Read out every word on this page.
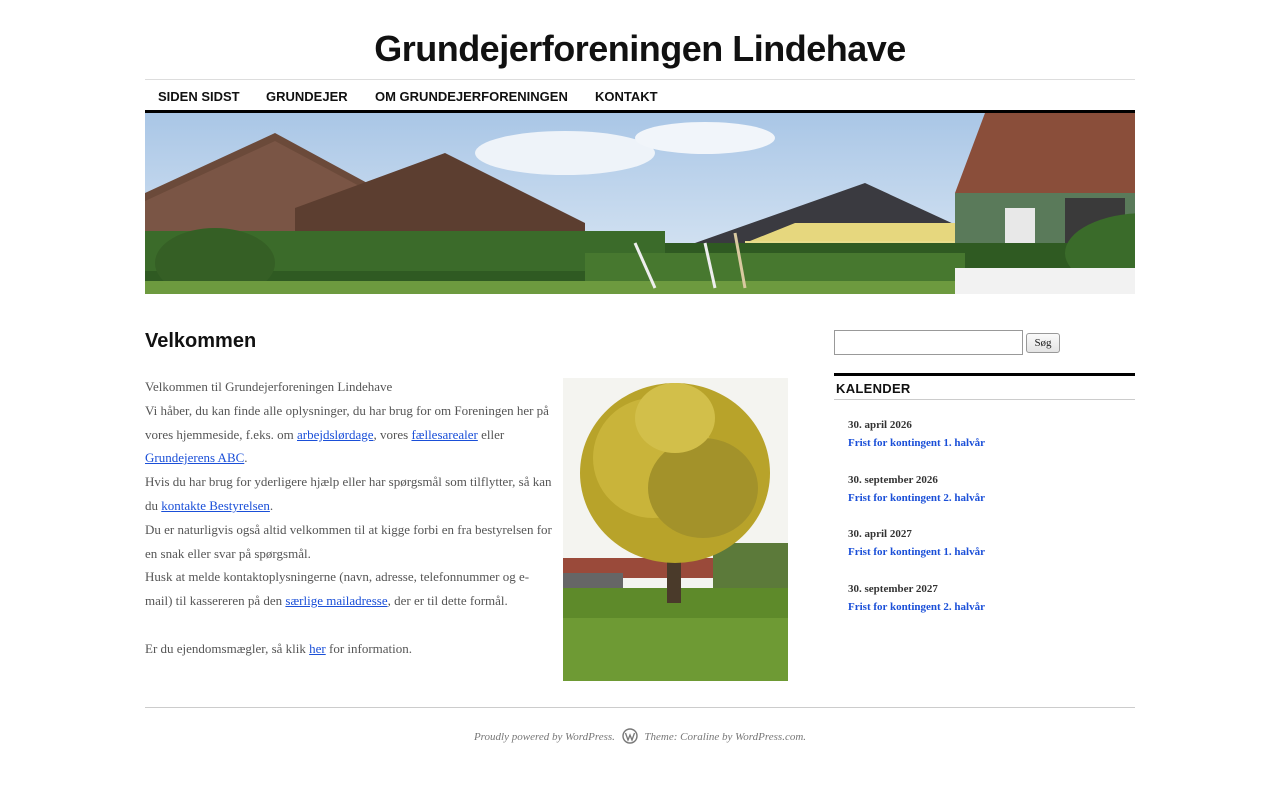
Grundejerforeningen Lindehave
SIDEN SIDST GRUNDEJER OM GRUNDEJERFORENINGEN KONTAKT
Velkommen

Velkommen til Grundejerforeningen Lindehave

Vi håber, du kan finde alle oplysninger, du har brug for om Foreningen her på vores hjemmeside, f.eks. om arbejdslørdage, vores fællesarealer eller Grundejerens ABC.

Hvis du har brug for yderligere hjælp eller har spørgsmål som tilflytter, så kan du kontakte Bestyrelsen.

Du er naturligvis også altid velkommen til at kigge forbi en fra bestyrelsen for en snak eller svar på spørgsmål.

Husk at melde kontaktoplysningerne (navn, adresse, telefonnummer og e-mail) til kassereren på den særlige mailadresse, der er til dette formål.

Er du ejendomsmægler, så klik her for information.

Søg
KALENDER
30. april 2026
Frist for kontingent 1. halvår
30. september 2026
Frist for kontingent 2. halvår
30. april 2027
Frist for kontingent 1. halvår
30. september 2027
Frist for kontingent 2. halvår
Proudly powered by WordPress.	Theme: Coraline by WordPress.com.
